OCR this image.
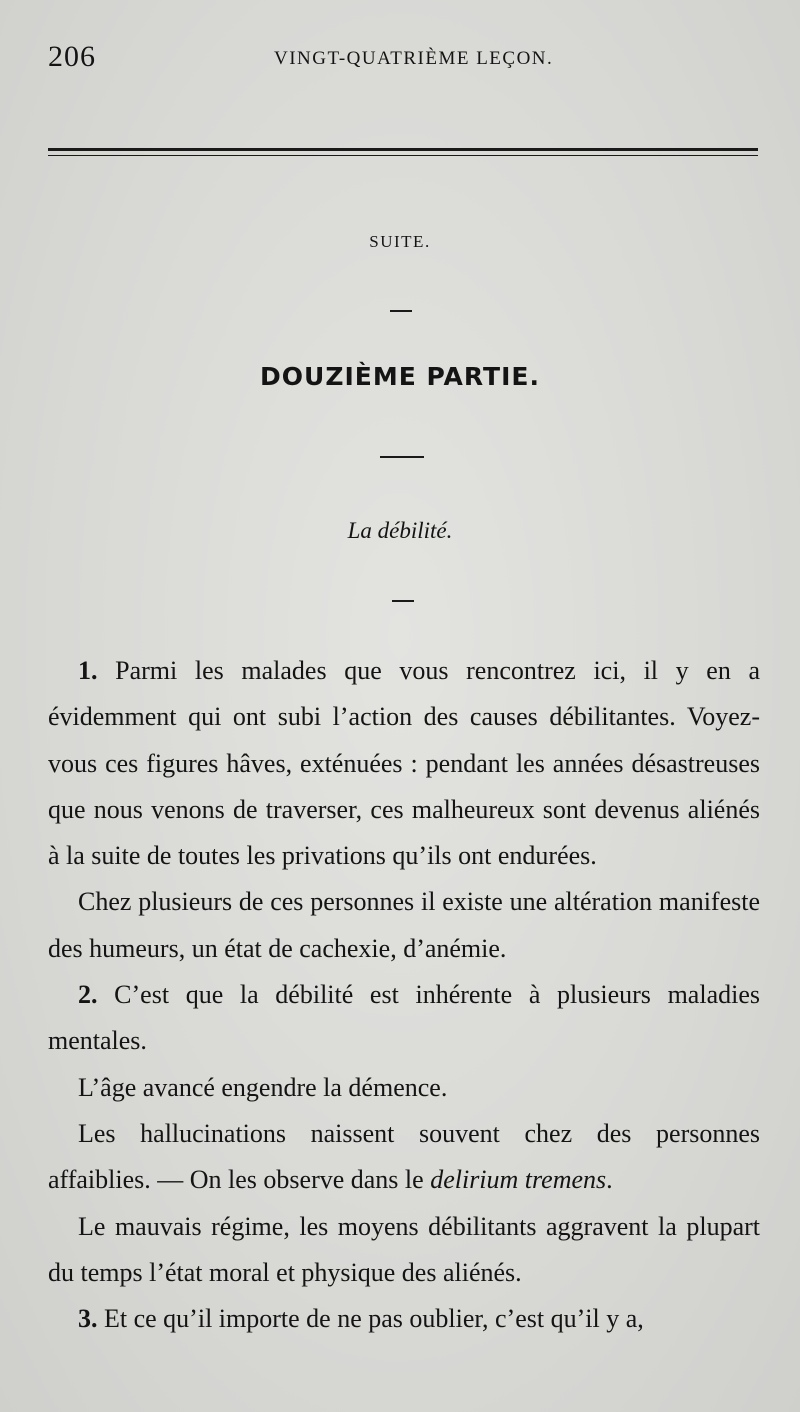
206	VINGT-QUATRIÈME LEÇON.
SUITE.
DOUZIÈME PARTIE.
La débilité.

1. Parmi les malades que vous rencontrez ici, il y en a évidemment qui ont subi l’action des causes débilitantes. Voyez-vous ces figures hâves, exténuées : pendant les années désastreuses que nous venons de traverser, ces malheureux sont devenus aliénés à la suite de toutes les privations qu’ils ont endurées.

Chez plusieurs de ces personnes il existe une altération manifeste des humeurs, un état de cachexie, d’anémie.

2. C’est que la débilité est inhérente à plusieurs maladies mentales.

L’âge avancé engendre la démence.

Les hallucinations naissent souvent chez des personnes affaiblies. — On les observe dans le delirium tremens.

Le mauvais régime, les moyens débilitants aggravent la plupart du temps l’état moral et physique des aliénés.

3. Et ce qu’il importe de ne pas oublier, c’est qu’il y a,
